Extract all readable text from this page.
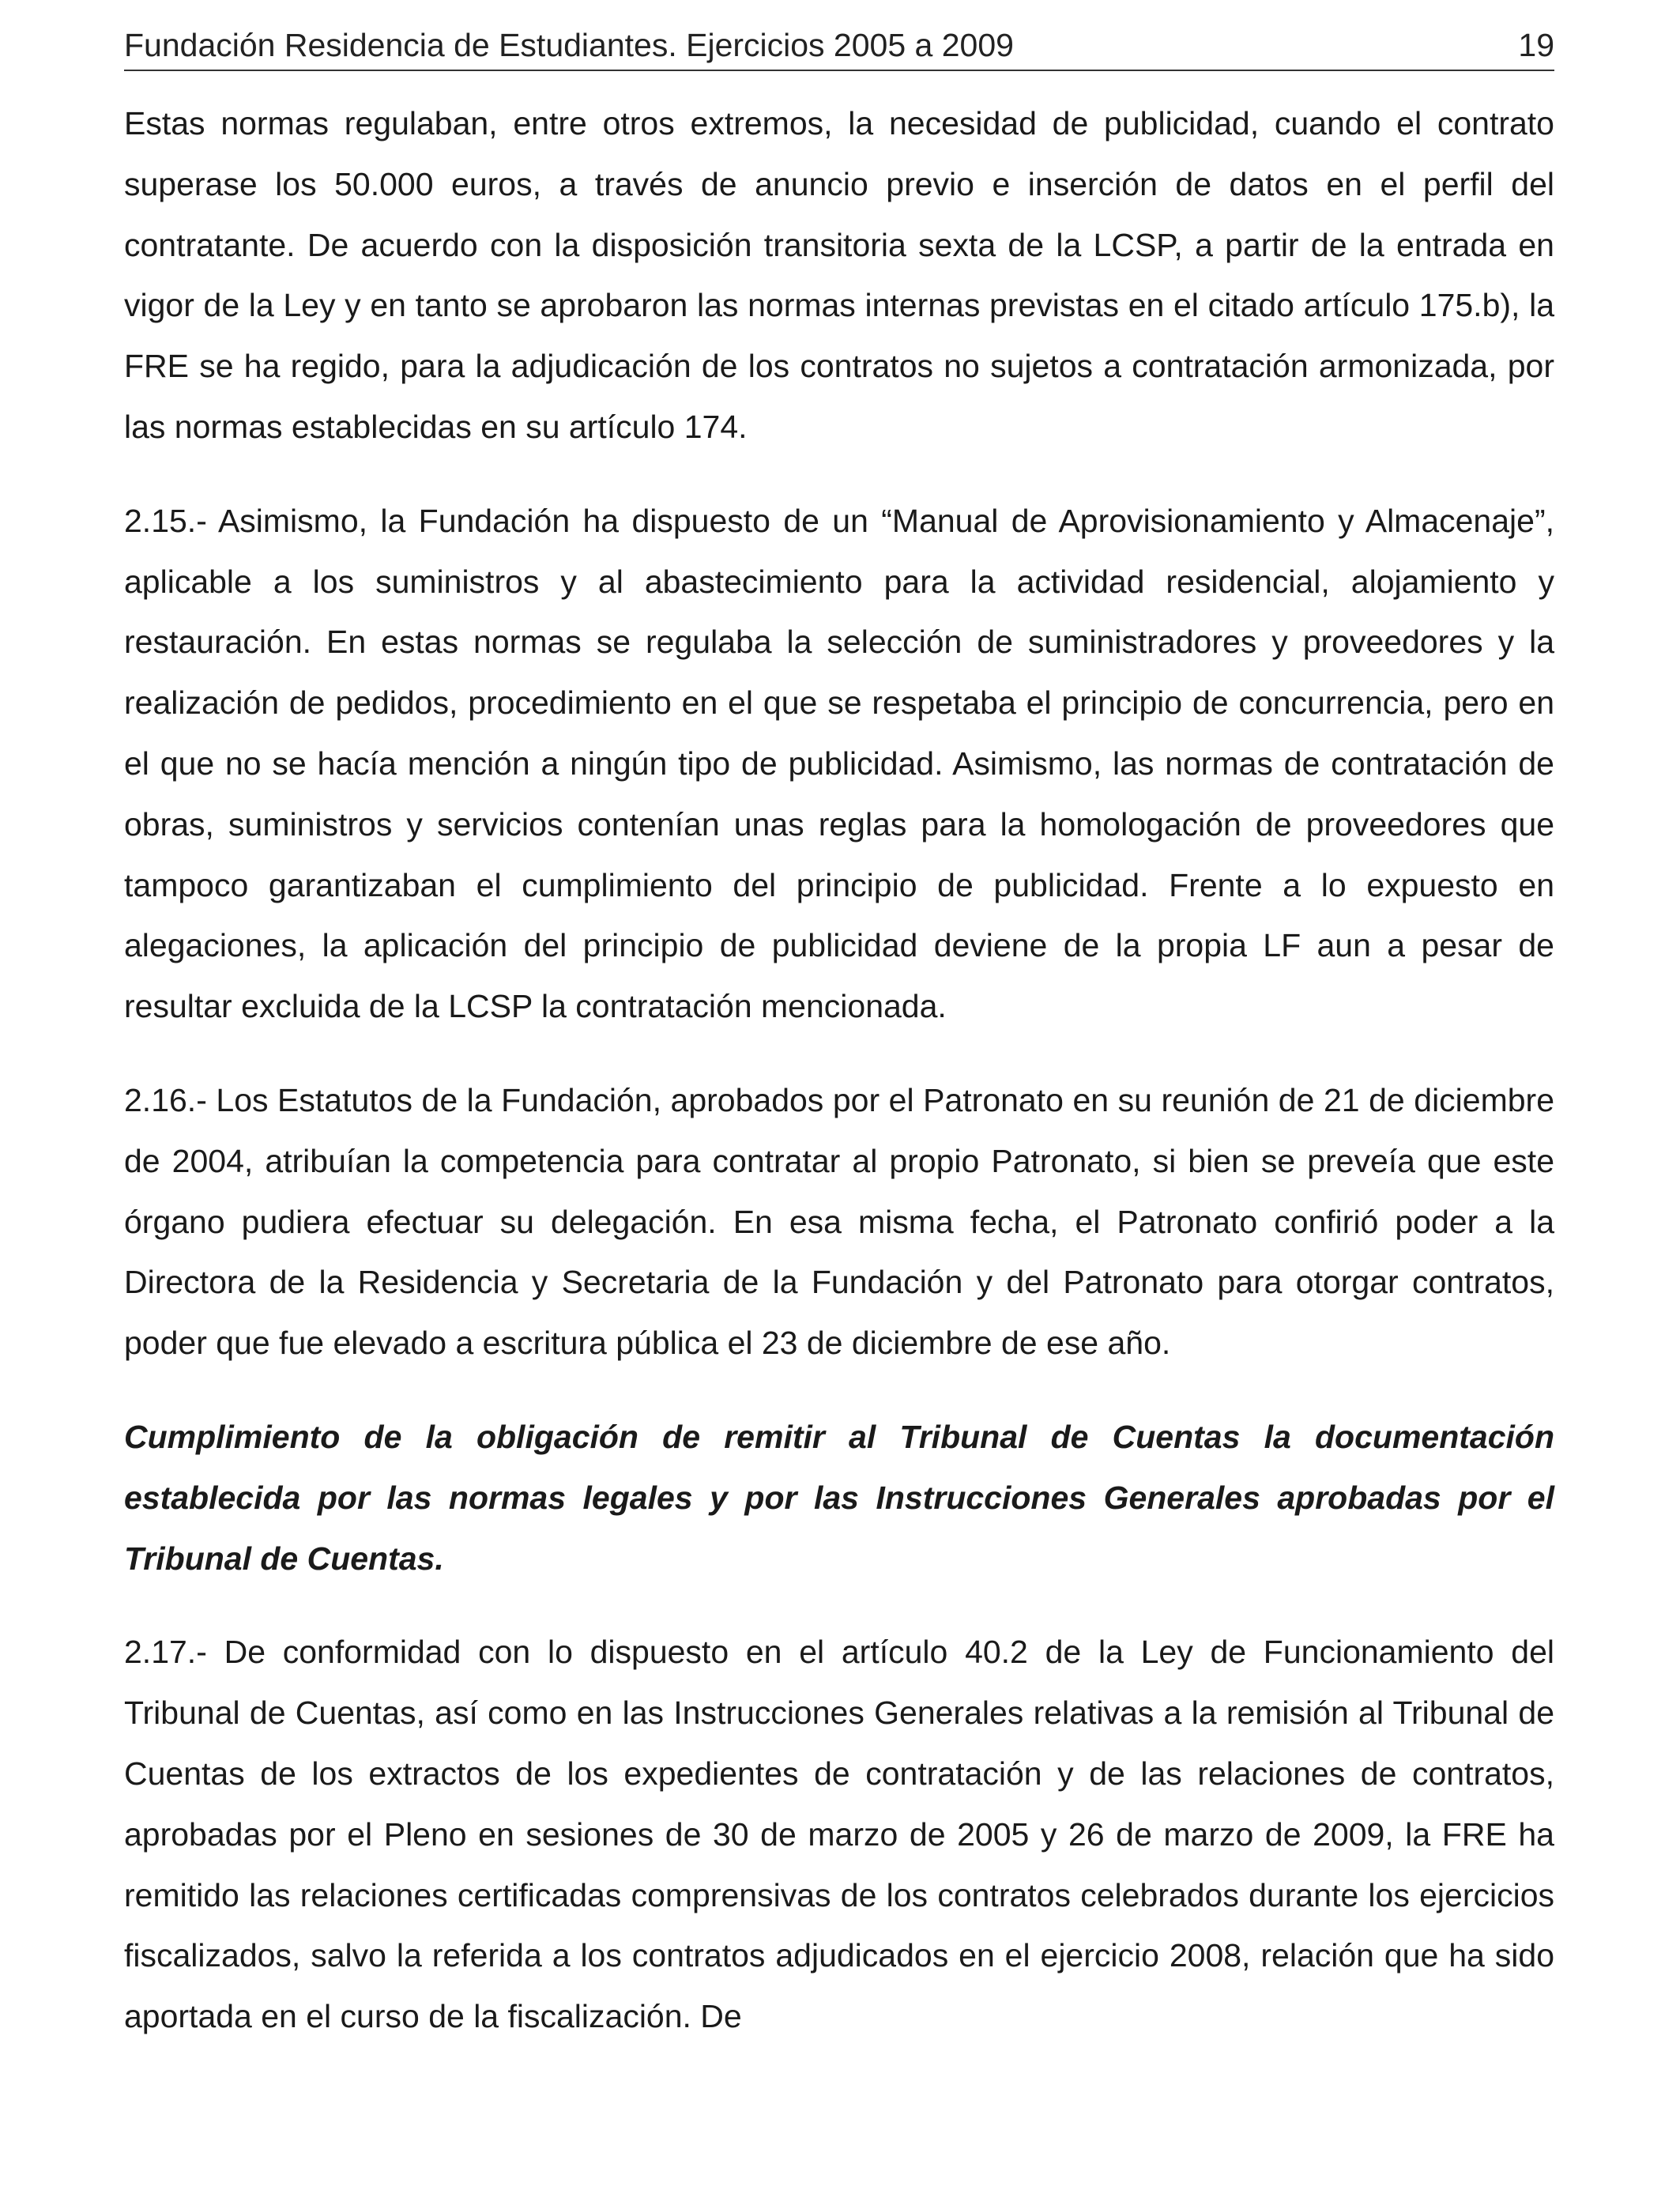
Fundación Residencia de Estudiantes. Ejercicios 2005 a 2009	19

Estas normas regulaban, entre otros extremos, la necesidad de publicidad, cuando el contrato superase los 50.000 euros, a través de anuncio previo e inserción de datos en el perfil del contratante. De acuerdo con la disposición transitoria sexta de la LCSP, a partir de la entrada en vigor de la Ley y en tanto se aprobaron las normas internas previstas en el citado artículo 175.b), la FRE se ha regido, para la adjudicación de los contratos no sujetos a contratación armonizada, por las normas establecidas en su artículo 174.

2.15.- Asimismo, la Fundación ha dispuesto de un “Manual de Aprovisionamiento y Almacenaje”, aplicable a los suministros y al abastecimiento para la actividad residencial, alojamiento y restauración. En estas normas se regulaba la selección de suministradores y proveedores y la realización de pedidos, procedimiento en el que se respetaba el principio de concurrencia, pero en el que no se hacía mención a ningún tipo de publicidad. Asimismo, las normas de contratación de obras, suministros y servicios contenían unas reglas para la homologación de proveedores que tampoco garantizaban el cumplimiento del principio de publicidad. Frente a lo expuesto en alegaciones, la aplicación del principio de publicidad deviene de la propia LF aun a pesar de resultar excluida de la LCSP la contratación mencionada.

2.16.- Los Estatutos de la Fundación, aprobados por el Patronato en su reunión de 21 de diciembre de 2004, atribuían la competencia para contratar al propio Patronato, si bien se preveía que este órgano pudiera efectuar su delegación. En esa misma fecha, el Patronato confirió poder a la Directora de la Residencia y Secretaria de la Fundación y del Patronato para otorgar contratos, poder que fue elevado a escritura pública el 23 de diciembre de ese año.

Cumplimiento de la obligación de remitir al Tribunal de Cuentas la documentación establecida por las normas legales y por las Instrucciones Generales aprobadas por el Tribunal de Cuentas.

2.17.- De conformidad con lo dispuesto en el artículo 40.2 de la Ley de Funcionamiento del Tribunal de Cuentas, así como en las Instrucciones Generales relativas a la remisión al Tribunal de Cuentas de los extractos de los expedientes de contratación y de las relaciones de contratos, aprobadas por el Pleno en sesiones de 30 de marzo de 2005 y 26 de marzo de 2009, la FRE ha remitido las relaciones certificadas comprensivas de los contratos celebrados durante los ejercicios fiscalizados, salvo la referida a los contratos adjudicados en el ejercicio 2008, relación que ha sido aportada en el curso de la fiscalización. De
